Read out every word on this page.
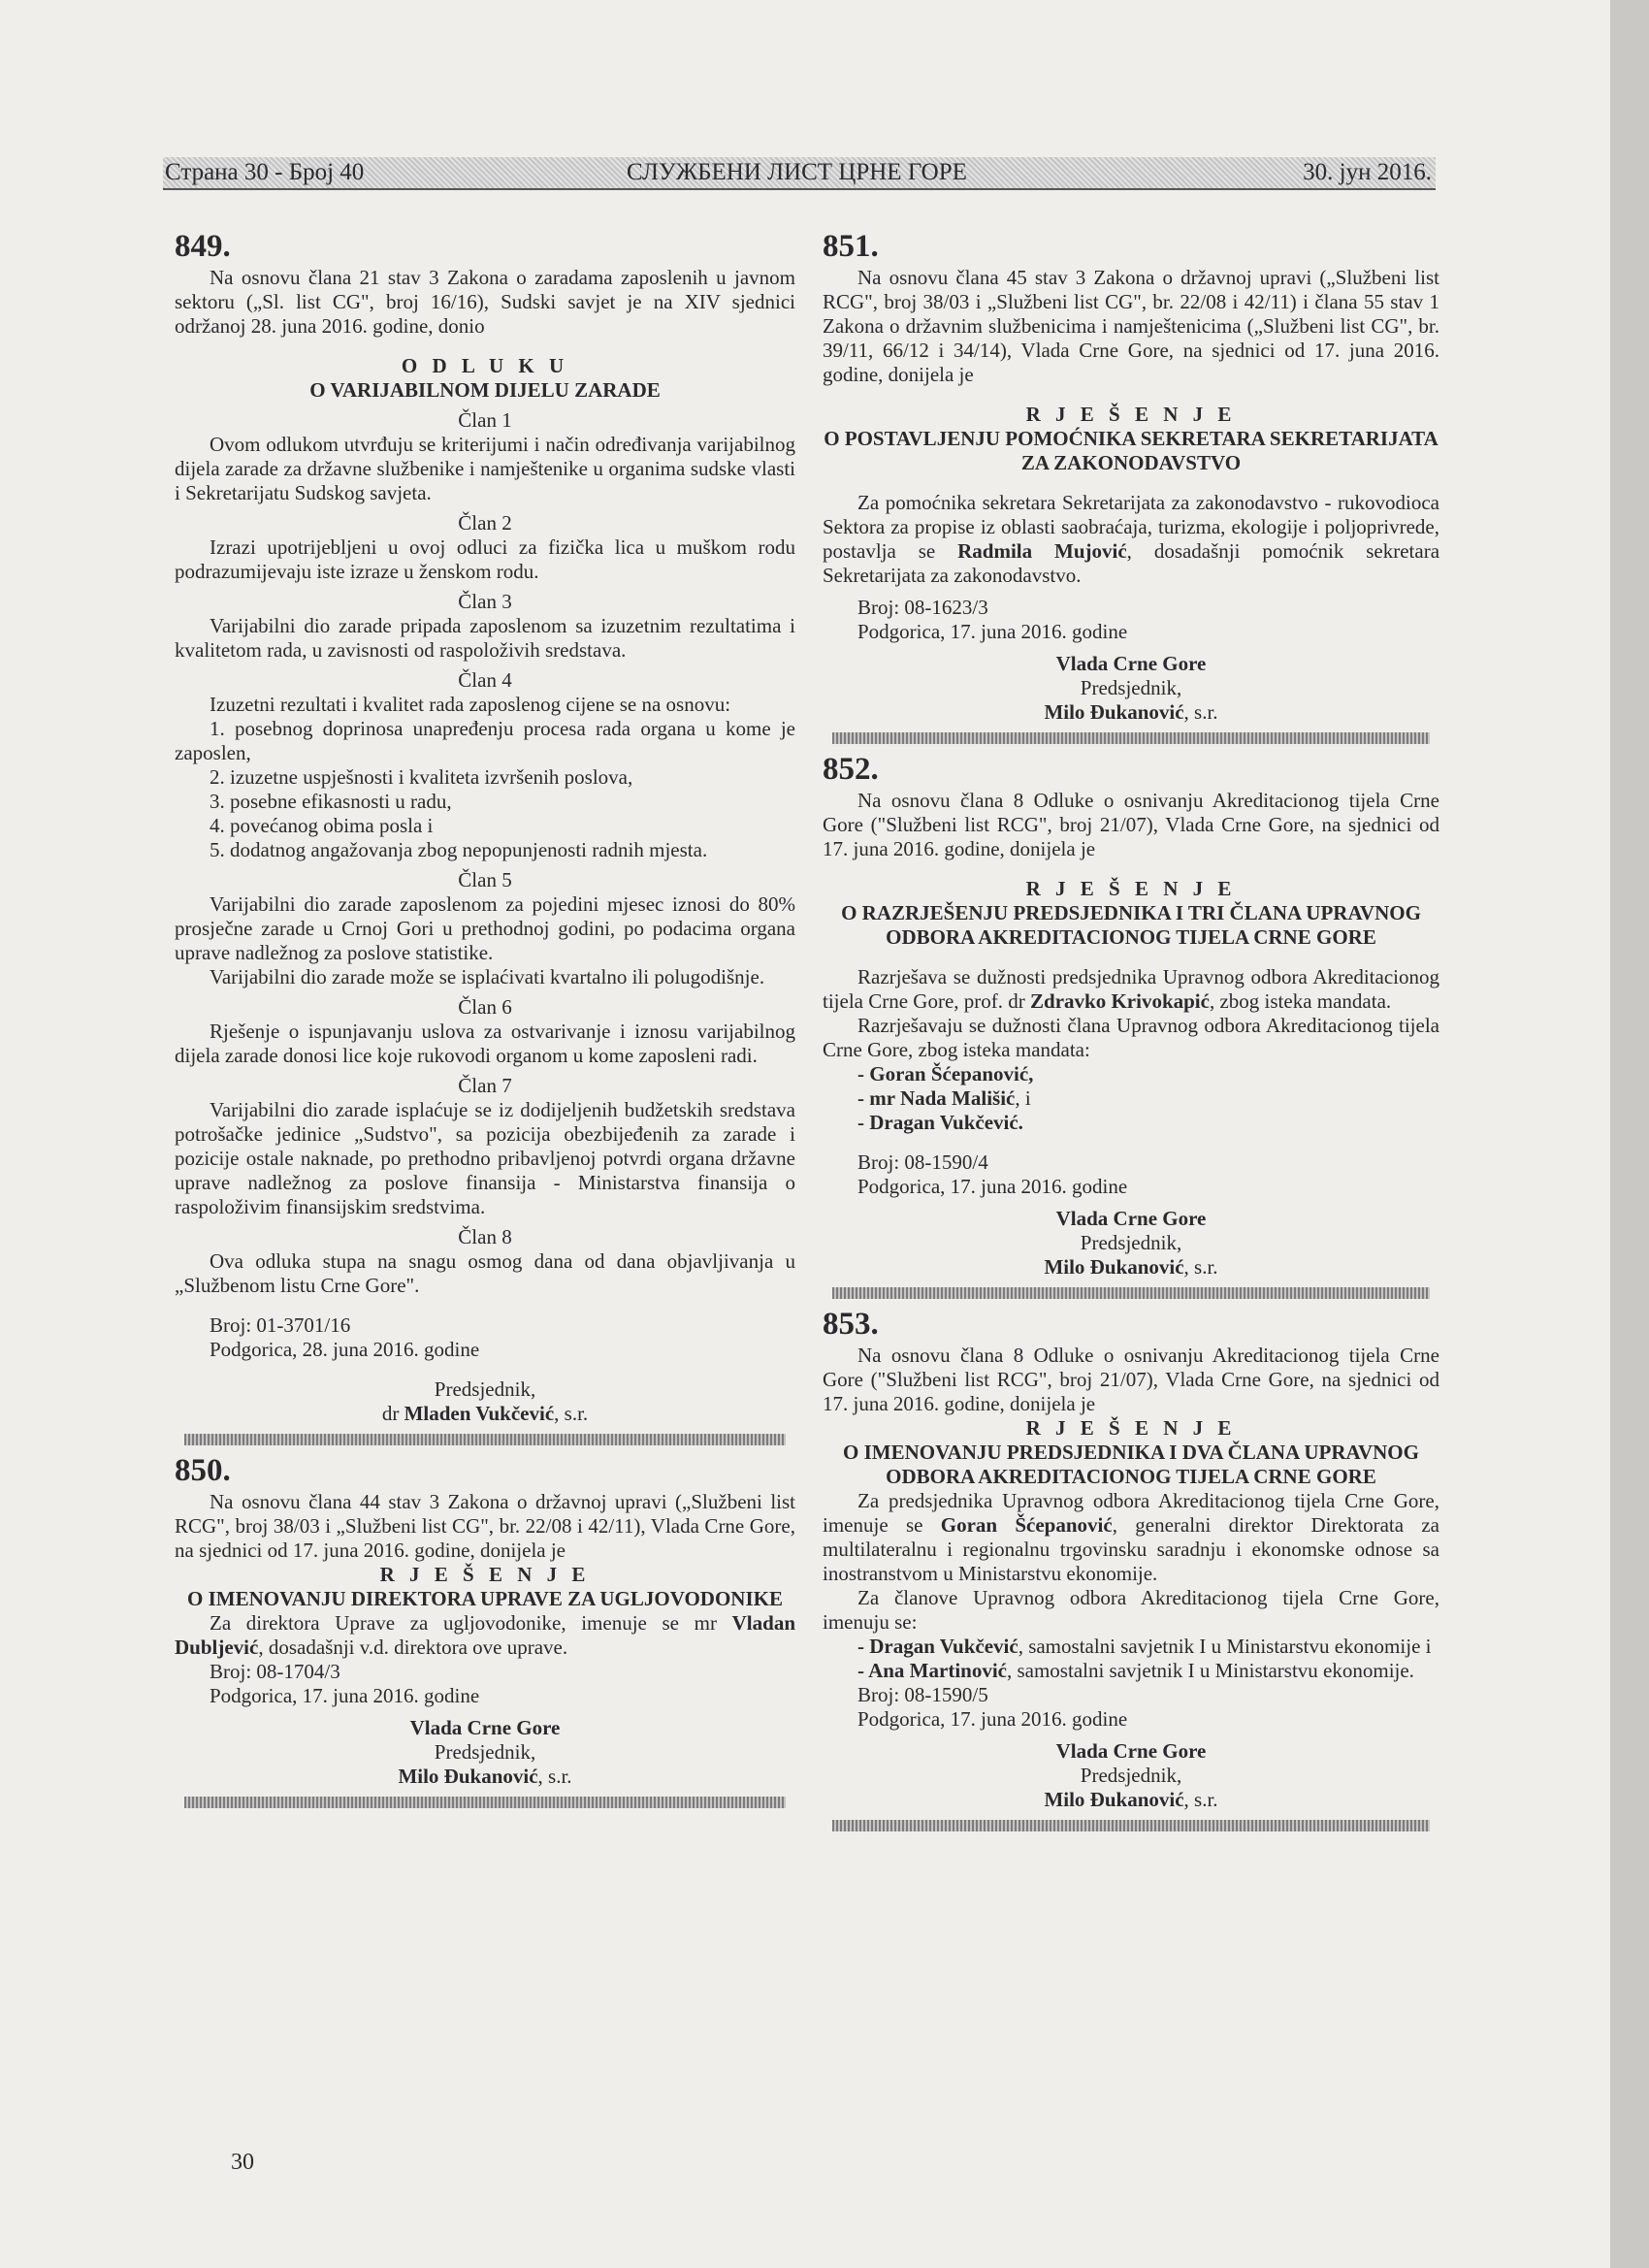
Страна 30 - Број 40	СЛУЖБЕНИ ЛИСТ ЦРНЕ ГОРЕ	30. јун 2016.
849.

Na osnovu člana 21 stav 3 Zakona o zaradama zaposlenih u javnom sektoru („Sl. list CG", broj 16/16), Sudski savjet je na XIV sjednici održanoj 28. juna 2016. godine, donio

O D L U K U
O VARIJABILNOM DIJELU ZARADE
Član 1

Ovom odlukom utvrđuju se kriterijumi i način određivanja varijabilnog dijela zarade za državne službenike i namještenike u organima sudske vlasti i Sekretarijatu Sudskog savjeta.

Član 2

Izrazi upotrijebljeni u ovoj odluci za fizička lica u muškom rodu podrazumijevaju iste izraze u ženskom rodu.

Član 3

Varijabilni dio zarade pripada zaposlenom sa izuzetnim rezultatima i kvalitetom rada, u zavisnosti od raspoloživih sredstava.

Član 4

Izuzetni rezultati i kvalitet rada zaposlenog cijene se na osnovu:

1. posebnog doprinosa unapređenju procesa rada organa u kome je zaposlen,

2. izuzetne uspješnosti i kvaliteta izvršenih poslova,

3. posebne efikasnosti u radu,

4. povećanog obima posla i

5. dodatnog angažovanja zbog nepopunjenosti radnih mjesta.

Član 5

Varijabilni dio zarade zaposlenom za pojedini mjesec iznosi do 80% prosječne zarade u Crnoj Gori u prethodnoj godini, po podacima organa uprave nadležnog za poslove statistike.

Varijabilni dio zarade može se isplaćivati kvartalno ili polugodišnje.

Član 6

Rješenje o ispunjavanju uslova za ostvarivanje i iznosu varijabilnog dijela zarade donosi lice koje rukovodi organom u kome zaposleni radi.

Član 7

Varijabilni dio zarade isplaćuje se iz dodijeljenih budžetskih sredstava potrošačke jedinice „Sudstvo", sa pozicija obezbijeđenih za zarade i pozicije ostale naknade, po prethodno pribavljenoj potvrdi organa državne uprave nadležnog za poslove finansija - Ministarstva finansija o raspoloživim finansijskim sredstvima.

Član 8

Ova odluka stupa na snagu osmog dana od dana objavljivanja u „Službenom listu Crne Gore".

Broj: 01-3701/16
Podgorica, 28. juna 2016. godine
Predsjednik,
dr Mladen Vukčević, s.r.
850.

Na osnovu člana 44 stav 3 Zakona o državnoj upravi („Službeni list RCG", broj 38/03 i „Službeni list CG", br. 22/08 i 42/11), Vlada Crne Gore, na sjednici od 17. juna 2016. godine, donijela je

R J E Š E N J E
O IMENOVANJU DIREKTORA UPRAVE ZA UGLJOVODONIKE

Za direktora Uprave za ugljovodonike, imenuje se mr Vladan Dubljević, dosadašnji v.d. direktora ove uprave.

Broj: 08-1704/3
Podgorica, 17. juna 2016. godine
Vlada Crne Gore
Predsjednik,
Milo Đukanović, s.r.
851.

Na osnovu člana 45 stav 3 Zakona o državnoj upravi („Službeni list RCG", broj 38/03 i „Službeni list CG", br. 22/08 i 42/11) i člana 55 stav 1 Zakona o državnim službenicima i namještenicima („Službeni list CG", br. 39/11, 66/12 i 34/14), Vlada Crne Gore, na sjednici od 17. juna 2016. godine, donijela je

R J E Š E N J E
O POSTAVLJENJU POMOĆNIKA SEKRETARA SEKRETARIJATA ZA ZAKONODAVSTVO

Za pomoćnika sekretara Sekretarijata za zakonodavstvo - rukovodioca Sektora za propise iz oblasti saobraćaja, turizma, ekologije i poljoprivrede, postavlja se Radmila Mujović, dosadašnji pomoćnik sekretara Sekretarijata za zakonodavstvo.

Broj: 08-1623/3
Podgorica, 17. juna 2016. godine
Vlada Crne Gore
Predsjednik,
Milo Đukanović, s.r.
852.

Na osnovu člana 8 Odluke o osnivanju Akreditacionog tijela Crne Gore ("Službeni list RCG", broj 21/07), Vlada Crne Gore, na sjednici od 17. juna 2016. godine, donijela je

R J E Š E N J E
O RAZRJEŠENJU PREDSJEDNIKA I TRI ČLANA UPRAVNOG ODBORA AKREDITACIONOG TIJELA CRNE GORE

Razrješava se dužnosti predsjednika Upravnog odbora Akreditacionog tijela Crne Gore, prof. dr Zdravko Krivokapić, zbog isteka mandata.

Razrješavaju se dužnosti člana Upravnog odbora Akreditacionog tijela Crne Gore, zbog isteka mandata:

- Goran Šćepanović,
- mr Nada Mališić, i
- Dragan Vukčević.
Broj: 08-1590/4
Podgorica, 17. juna 2016. godine
Vlada Crne Gore
Predsjednik,
Milo Đukanović, s.r.
853.

Na osnovu člana 8 Odluke o osnivanju Akreditacionog tijela Crne Gore ("Službeni list RCG", broj 21/07), Vlada Crne Gore, na sjednici od 17. juna 2016. godine, donijela je

R J E Š E N J E
O IMENOVANJU PREDSJEDNIKA I DVA ČLANA UPRAVNOG ODBORA AKREDITACIONOG TIJELA CRNE GORE

Za predsjednika Upravnog odbora Akreditacionog tijela Crne Gore, imenuje se Goran Šćepanović, generalni direktor Direktorata za multilateralnu i regionalnu trgovinsku saradnju i ekonomske odnose sa inostranstvom u Ministarstvu ekonomije.

Za članove Upravnog odbora Akreditacionog tijela Crne Gore, imenuju se:

- Dragan Vukčević, samostalni savjetnik I u Ministarstvu ekonomije i

- Ana Martinović, samostalni savjetnik I u Ministarstvu ekonomije.

Broj: 08-1590/5
Podgorica, 17. juna 2016. godine
Vlada Crne Gore
Predsjednik,
Milo Đukanović, s.r.
30
